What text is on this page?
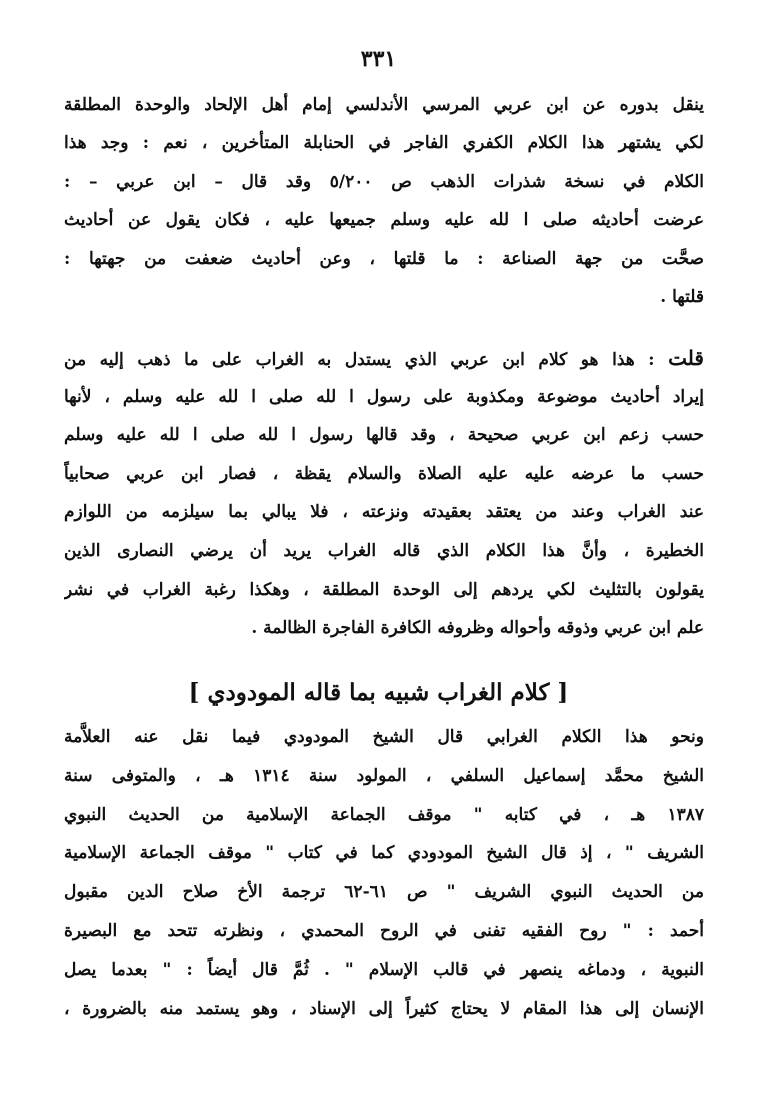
٣٣١
ينقل بدوره عن ابن عربي المرسي الأندلسي إمام أهل الإلحاد والوحدة المطلقة
لكي يشتهر هذا الكلام الكفري الفاجر في الحنابلة المتأخرين ، نعم : وجد هذا
الكلام في نسخة شذرات الذهب ص ٥/٢٠٠ وقد قال – ابن عربي – :
عرضت أحاديثه صلى ا لله عليه وسلم جميعها عليه ، فكان يقول عن أحاديث
صحَّت من جهة الصناعة : ما قلتها ، وعن أحاديث ضعفت من جهتها :
قلتها .
قلت : هذا هو كلام ابن عربي الذي يستدل به الغراب على ما ذهب إليه من
إيراد أحاديث موضوعة ومكذوبة على رسول ا لله صلى ا لله عليه وسلم ، لأنها
حسب زعم ابن عربي صحيحة ، وقد قالها رسول ا لله صلى ا لله عليه وسلم
حسب ما عرضه عليه عليه الصلاة والسلام يقظة ، فصار ابن عربي صحابياً
عند الغراب وعند من يعتقد بعقيدته ونزعته ، فلا يبالي بما سيلزمه من اللوازم
الخطيرة ، وأنَّ هذا الكلام الذي قاله الغراب يريد أن يرضي النصارى الذين
يقولون بالتثليث لكي يردهم إلى الوحدة المطلقة ، وهكذا رغبة الغراب في نشر
علم ابن عربي وذوقه وأحواله وظروفه الكافرة الفاجرة الظالمة .
[ كلام الغراب شبيه بما قاله المودودي ]
ونحو هذا الكلام الغرابي قال الشيخ المودودي فيما نقل عنه العلاَّمة
الشيخ محمَّد إسماعيل السلفي ، المولود سنة ١٣١٤ هـ ، والمتوفى سنة
١٣٨٧ هـ ، في كتابه " موقف الجماعة الإسلامية من الحديث النبوي
الشريف " ، إذ قال الشيخ المودودي كما في كتاب " موقف الجماعة الإسلامية
من الحديث النبوي الشريف " ص ٦١-٦٢ ترجمة الأخ صلاح الدين مقبول
أحمد : " روح الفقيه تفنى في الروح المحمدي ، ونظرته تتحد مع البصيرة
النبوية ، ودماغه ينصهر في قالب الإسلام " . ثُمَّ قال أيضاً : " بعدما يصل
الإنسان إلى هذا المقام لا يحتاج كثيراً إلى الإسناد ، وهو يستمد منه بالضرورة ،
